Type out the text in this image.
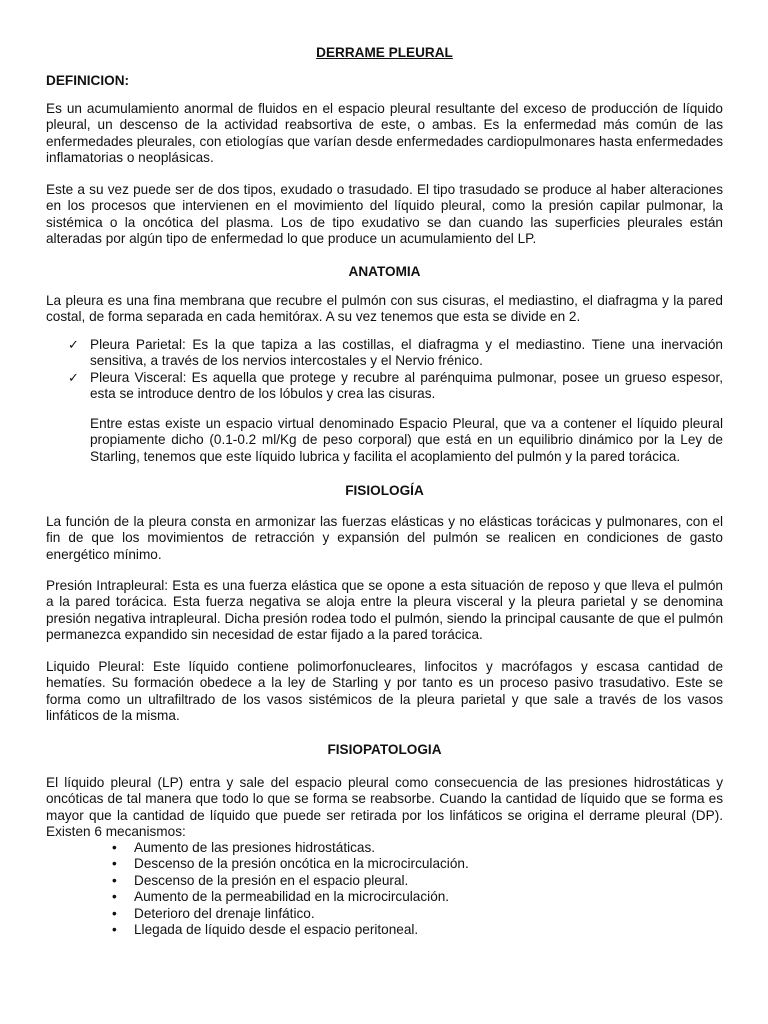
DERRAME PLEURAL
DEFINICION:

Es un acumulamiento anormal de fluidos en el espacio pleural resultante del exceso de producción de líquido pleural, un descenso de la actividad reabsortiva de este, o ambas. Es la enfermedad más común de las enfermedades pleurales, con etiologías que varían desde enfermedades cardiopulmonares hasta enfermedades inflamatorias o neoplásicas.

Este a su vez puede ser de dos tipos, exudado o trasudado. El tipo trasudado se produce al haber alteraciones en los procesos que intervienen en el movimiento del líquido pleural, como la presión capilar pulmonar, la sistémica o la oncótica del plasma. Los de tipo exudativo se dan cuando las superficies pleurales están alteradas por algún tipo de enfermedad lo que produce un acumulamiento del LP.

ANATOMIA

La pleura es una fina membrana que recubre el pulmón con sus cisuras, el mediastino, el diafragma y la pared costal, de forma separada en cada hemitórax. A su vez tenemos que esta se divide en 2.

✓ Pleura Parietal: Es la que tapiza a las costillas, el diafragma y el mediastino. Tiene una inervación sensitiva, a través de los nervios intercostales y el Nervio frénico.
✓ Pleura Visceral: Es aquella que protege y recubre al parénquima pulmonar, posee un grueso espesor, esta se introduce dentro de los lóbulos y crea las cisuras.

Entre estas existe un espacio virtual denominado Espacio Pleural, que va a contener el líquido pleural propiamente dicho (0.1-0.2 ml/Kg de peso corporal) que está en un equilibrio dinámico por la Ley de Starling, tenemos que este líquido lubrica y facilita el acoplamiento del pulmón y la pared torácica.

FISIOLOGÍA

La función de la pleura consta en armonizar las fuerzas elásticas y no elásticas torácicas y pulmonares, con el fin de que los movimientos de retracción y expansión del pulmón se realicen en condiciones de gasto energético mínimo.

Presión Intrapleural: Esta es una fuerza elástica que se opone a esta situación de reposo y que lleva el pulmón a la pared torácica. Esta fuerza negativa se aloja entre la pleura visceral y la pleura parietal y se denomina presión negativa intrapleural. Dicha presión rodea todo el pulmón, siendo la principal causante de que el pulmón permanezca expandido sin necesidad de estar fijado a la pared torácica.

Liquido Pleural: Este líquido contiene polimorfonucleares, linfocitos y macrófagos y escasa cantidad de hematíes. Su formación obedece a la ley de Starling y por tanto es un proceso pasivo trasudativo. Este se forma como un ultrafiltrado de los vasos sistémicos de la pleura parietal y que sale a través de los vasos linfáticos de la misma.

FISIOPATOLOGIA

El líquido pleural (LP) entra y sale del espacio pleural como consecuencia de las presiones hidrostáticas y oncóticas de tal manera que todo lo que se forma se reabsorbe. Cuando la cantidad de líquido que se forma es mayor que la cantidad de líquido que puede ser retirada por los linfáticos se origina el derrame pleural (DP). Existen 6 mecanismos:

• Aumento de las presiones hidrostáticas.
• Descenso de la presión oncótica en la microcirculación.
• Descenso de la presión en el espacio pleural.
• Aumento de la permeabilidad en la microcirculación.
• Deterioro del drenaje linfático.
• Llegada de líquido desde el espacio peritoneal.
